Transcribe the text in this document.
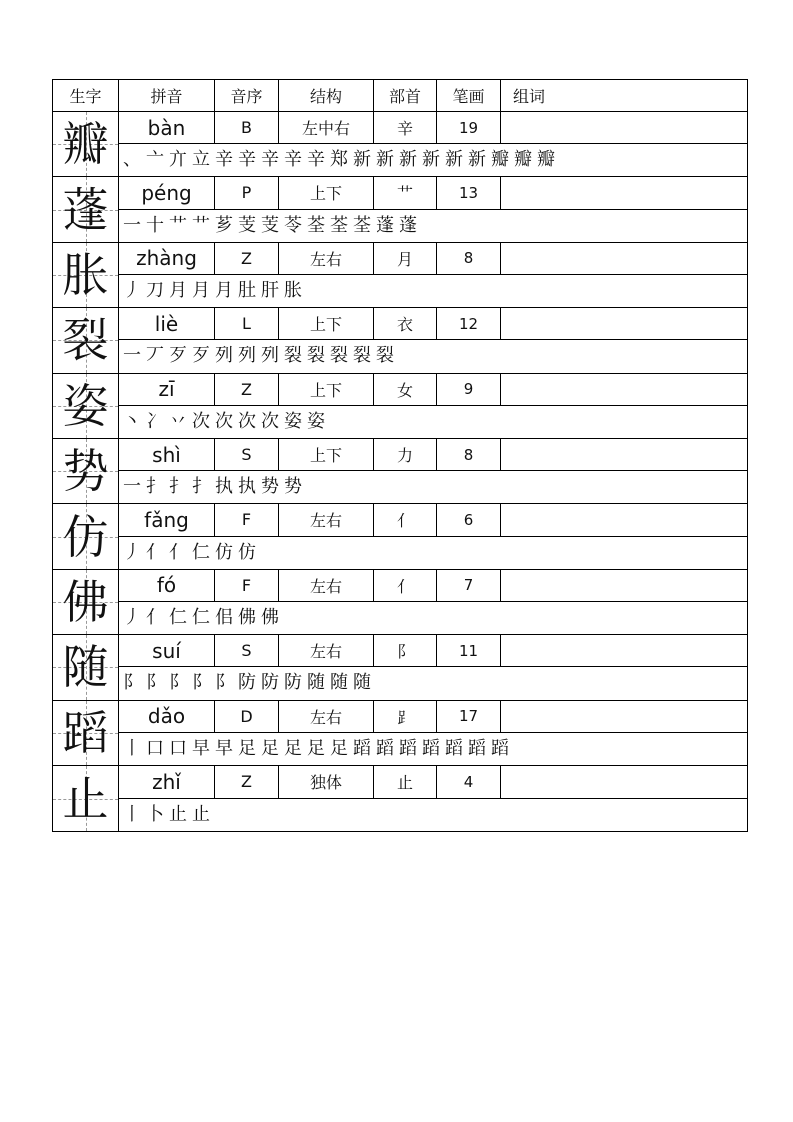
生字	拼音	音序	结构	部首	笔画	组词
瓣	bàn	B	左中右	辛	19
、 亠 亣 立 辛 辛 辛 辛 辛 郑 新 新 新 新 新 新 瓣 瓣 瓣
蓬	péng	P	上下	艹	13
一 十 艹 艹 芗 芰 芰 苓 荃 荃 荃 蓬 蓬
胀	zhàng	Z	左右	月	8
丿 刀 月 月 月 肚 肝 胀
裂	liè	L	上下	衣	12
一 丆 歹 歹 列 列 列 裂 裂 裂 裂 裂
姿	zī	Z	上下	女	9
丶 冫 丷 次 次 次 次 姿 姿
势	shì	S	上下	力	8
一 扌 扌 扌 执 执 势 势
仿	fǎng	F	左右	亻	6
丿 亻 亻 仁 仿 仿
佛	fó	F	左右	亻	7
丿 亻 仁 仁 佀 佛 佛
随	suí	S	左右	阝	11
阝 阝 阝 阝 阝 防 防 防 随 随 随
蹈	dǎo	D	左右	⻊	17
丨 口 口 早 早 足 足 足 足 足 蹈 蹈 蹈 蹈 蹈 蹈 蹈
止	zhǐ	Z	独体	止	4
丨 卜 止 止
